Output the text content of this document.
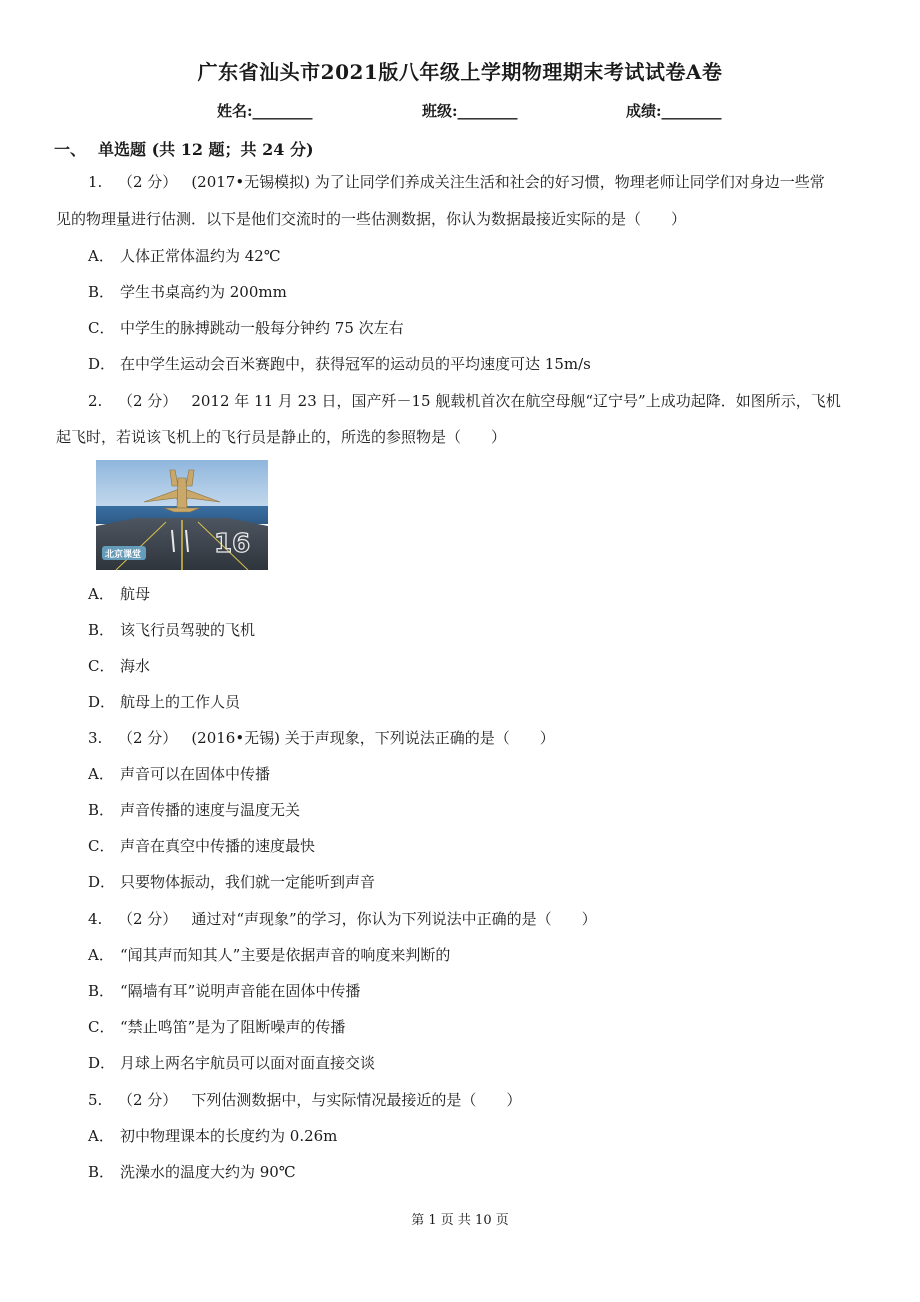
广东省汕头市2021版八年级上学期物理期末考试试卷A卷
姓名:________	班级:________	成绩:________
一、 单选题 (共 12 题；共 24 分)
1. （2 分） (2017•无锡模拟) 为了让同学们养成关注生活和社会的好习惯，物理老师让同学们对身边一些常
见的物理量进行估测．以下是他们交流时的一些估测数据，你认为数据最接近实际的是（　　）
A． 人体正常体温约为 42℃
B． 学生书桌高约为 200mm
C． 中学生的脉搏跳动一般每分钟约 75 次左右
D． 在中学生运动会百米赛跑中，获得冠军的运动员的平均速度可达 15m/s
2. （2 分） 2012 年 11 月 23 日，国产歼－15 舰载机首次在航空母舰“辽宁号”上成功起降．如图所示，飞机
起飞时，若说该飞机上的飞行员是静止的，所选的参照物是（　　）
16
北京课堂
A． 航母
B． 该飞行员驾驶的飞机
C． 海水
D． 航母上的工作人员
3. （2 分） (2016•无锡) 关于声现象，下列说法正确的是（　　）
A． 声音可以在固体中传播
B． 声音传播的速度与温度无关
C． 声音在真空中传播的速度最快
D． 只要物体振动，我们就一定能听到声音
4. （2 分） 通过对“声现象”的学习，你认为下列说法中正确的是（　　）
A． “闻其声而知其人”主要是依据声音的响度来判断的
B． “隔墙有耳”说明声音能在固体中传播
C． “禁止鸣笛”是为了阻断噪声的传播
D． 月球上两名宇航员可以面对面直接交谈
5. （2 分） 下列估测数据中，与实际情况最接近的是（　　）
A． 初中物理课本的长度约为 0.26m
B． 洗澡水的温度大约为 90℃
第 1 页 共 10 页
